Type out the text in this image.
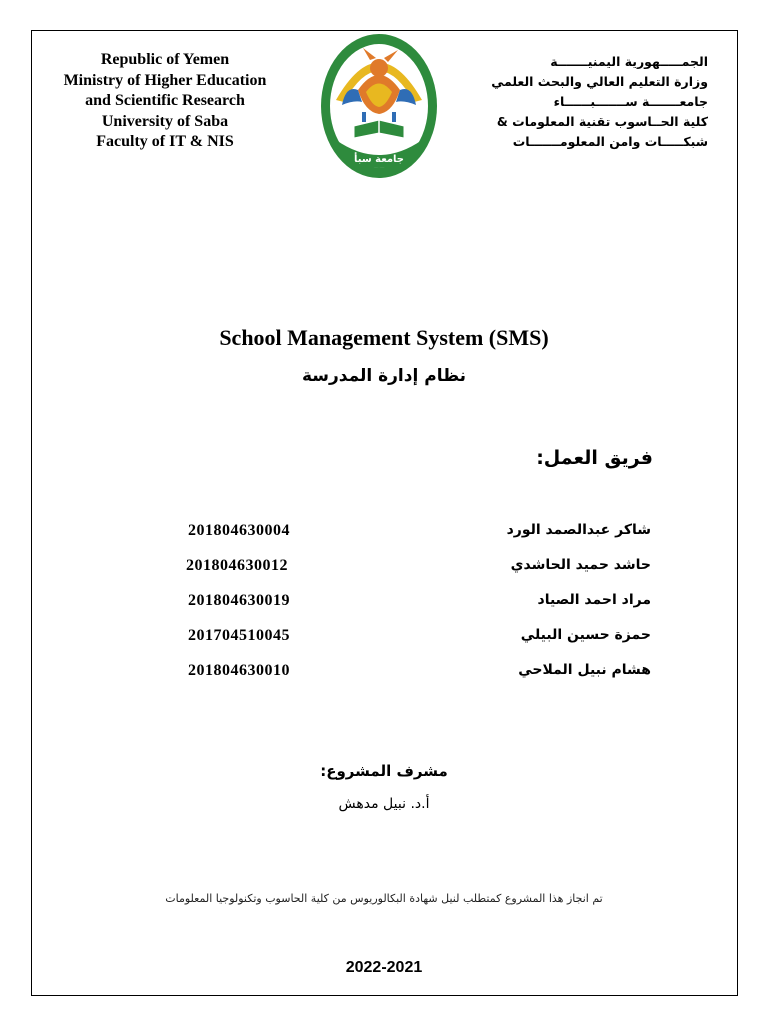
Republic of Yemen
Ministry of Higher Education
and Scientific Research
University of Saba
Faculty of IT & NIS
جامعة سبأ
الجمـــــهورية اليمنيـــــــة
وزارة التعليم العالي والبحث العلمي
جامعـــــــة ســـــــبــــــاء
كلية الحــاسوب تقنية المعلومات &
شبكـــــات وامن المعلومـــــــات
School Management System (SMS)
نظام إدارة المدرسة
فريق العمل:
شاكر عبدالصمد الورد
201804630004
حاشد حميد الحاشدي
201804630012
مراد احمد الصياد
201804630019
حمزة حسين البيلي
201704510045
هشام نبيل الملاحي
201804630010
مشرف المشروع:
أ.د. نبيل مدهش
تم انجاز هذا المشروع كمتطلب لنيل شهادة البكالوريوس من كلية الحاسوب وتكنولوجيا المعلومات
2022-2021
